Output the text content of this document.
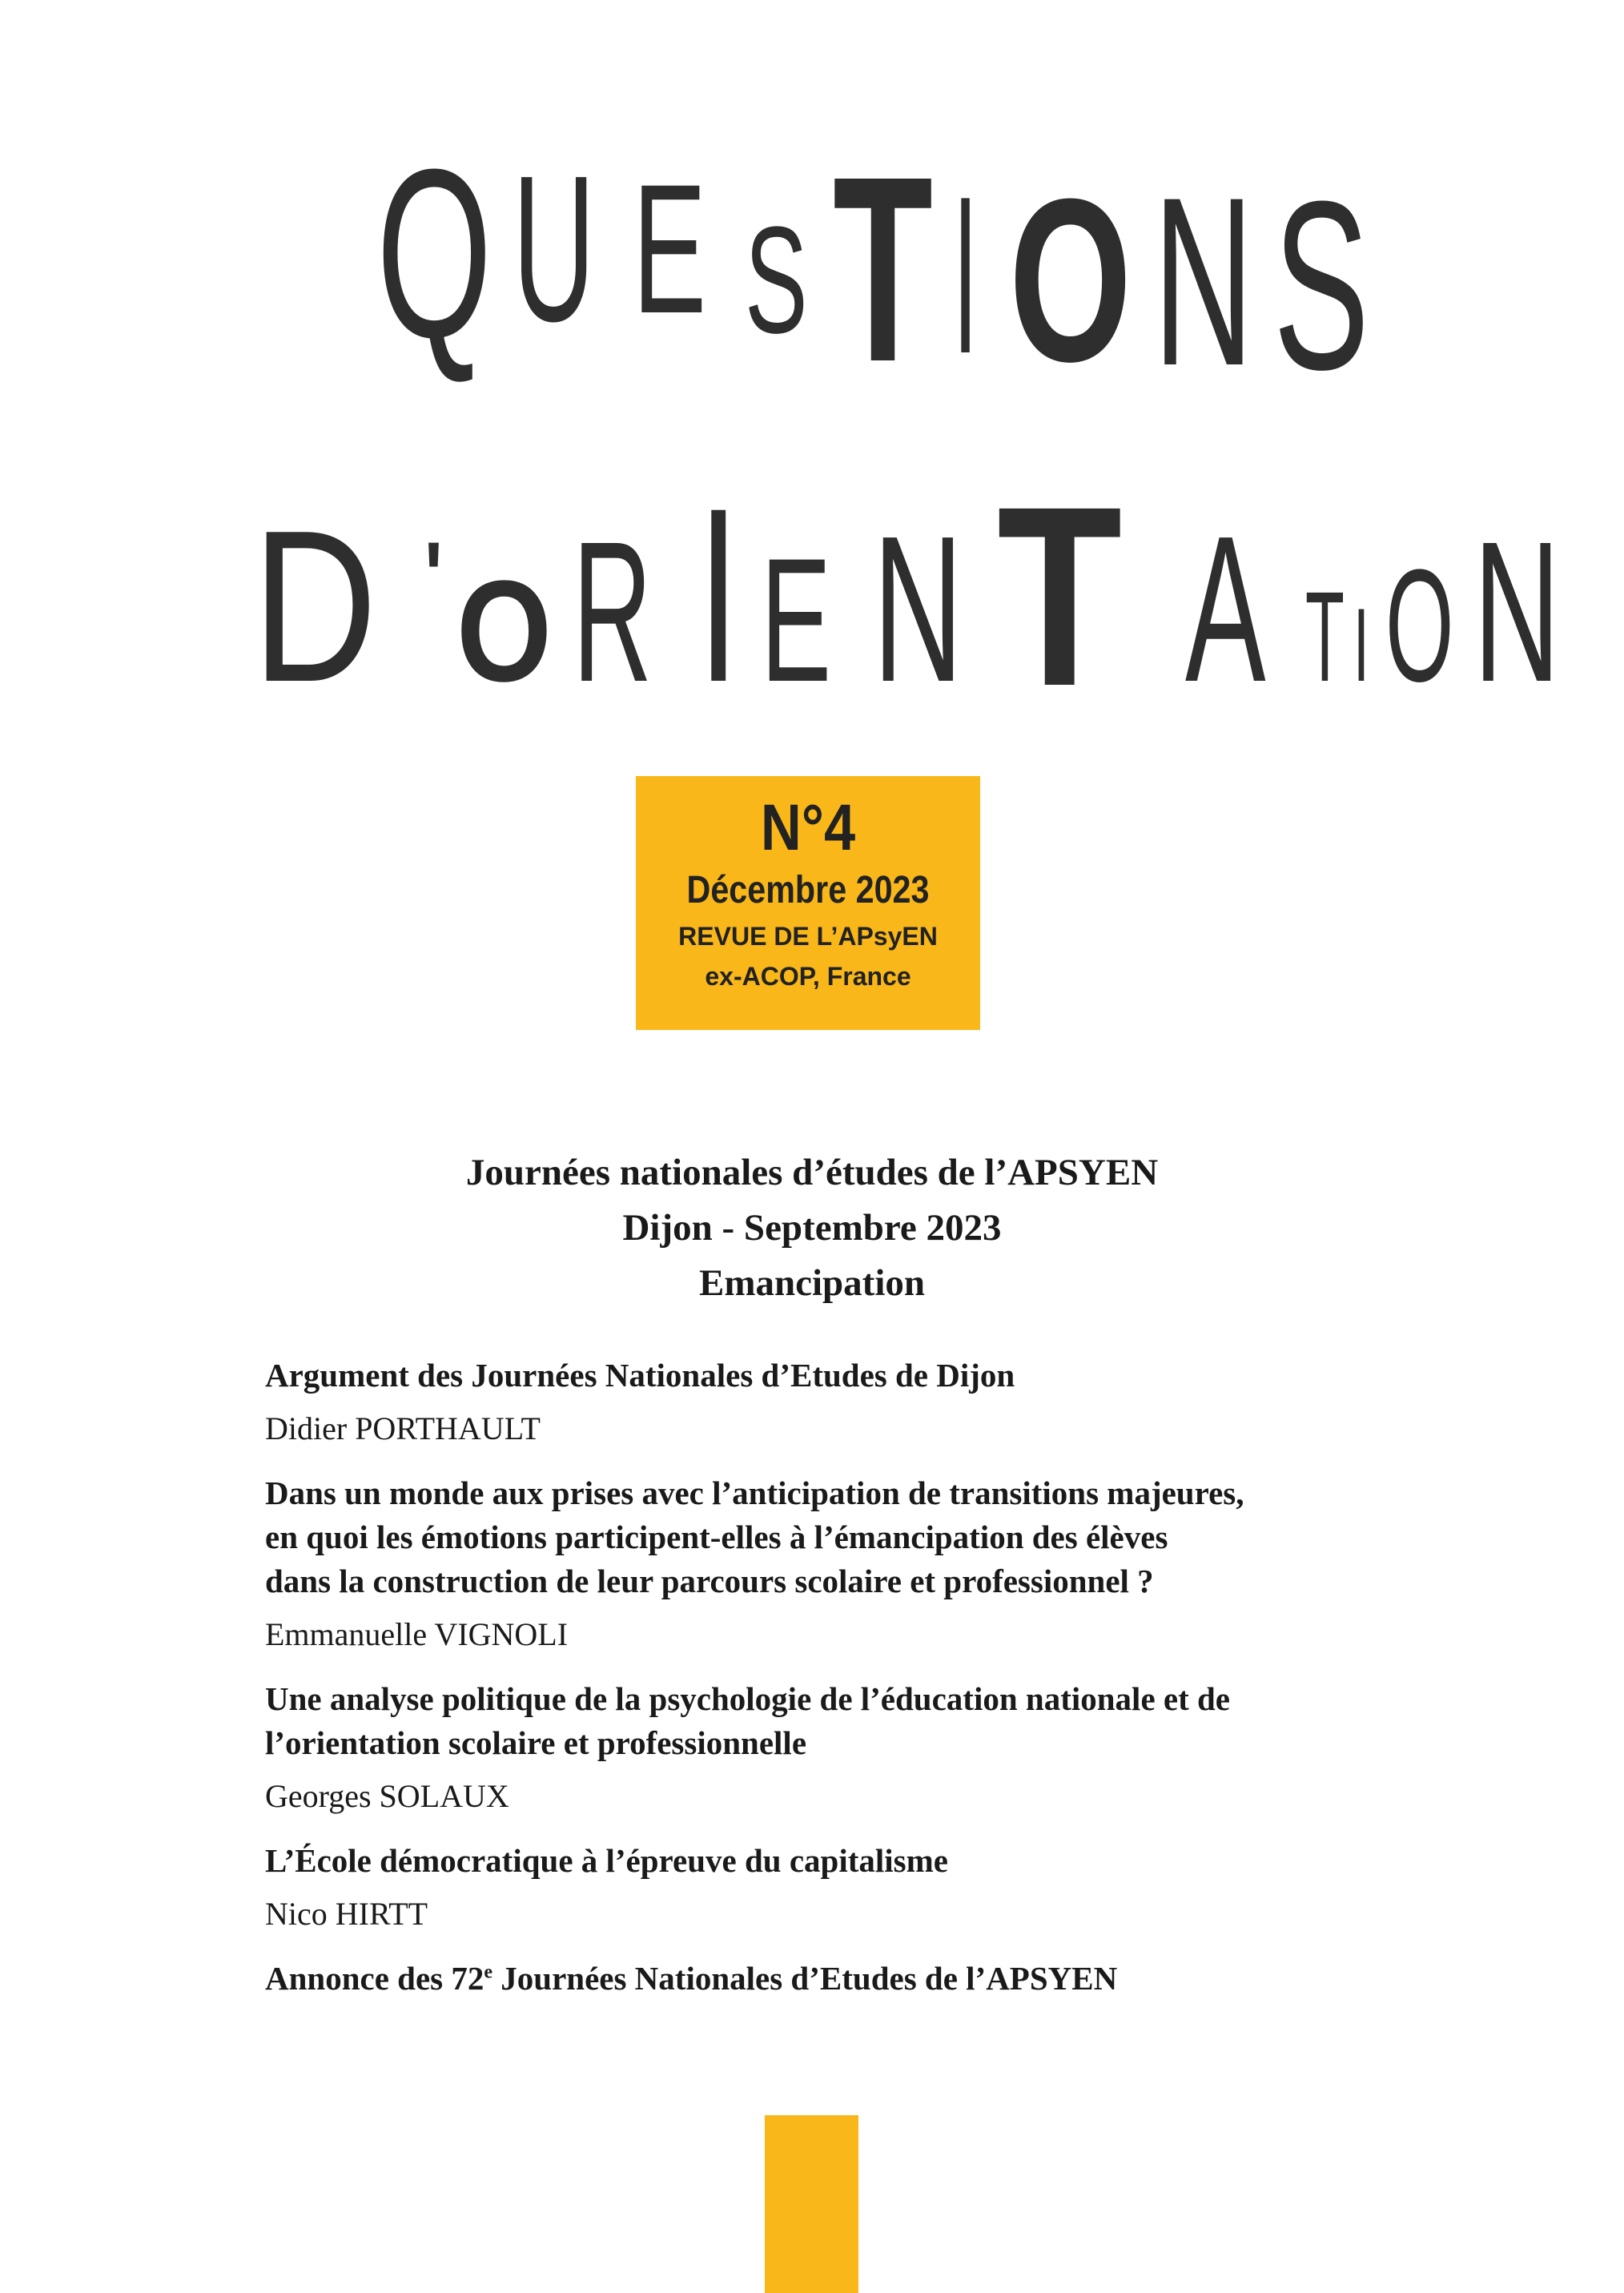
Q U E S T I O N S
D ' O R I E N T A T I O N
N°4
Décembre 2023
REVUE DE L’APsyEN
ex-ACOP, France
Journées nationales d’études de l’APSYEN
Dijon - Septembre 2023
Emancipation
Argument des Journées Nationales d’Etudes de Dijon
Didier PORTHAULT
Dans un monde aux prises avec l’anticipation de transitions majeures,
en quoi les émotions participent-elles à l’émancipation des élèves
dans la construction de leur parcours scolaire et professionnel ?
Emmanuelle VIGNOLI
Une analyse politique de la psychologie de l’éducation nationale et de
l’orientation scolaire et professionnelle
Georges SOLAUX
L’École démocratique à l’épreuve du capitalisme
Nico HIRTT
Annonce des 72e Journées Nationales d’Etudes de l’APSYEN
